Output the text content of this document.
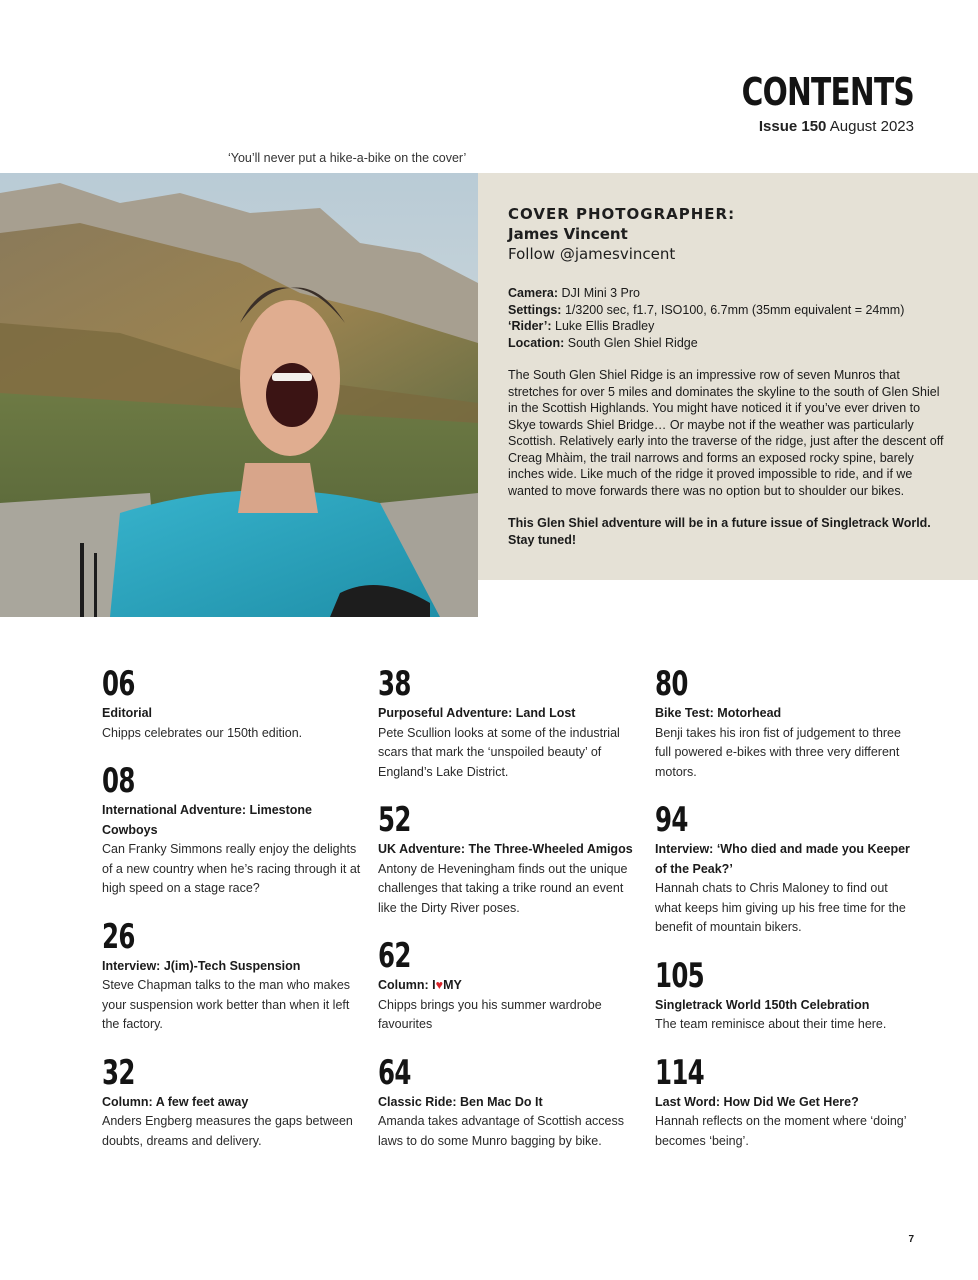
CONTENTS
Issue 150 August 2023
‘You’ll never put a hike-a-bike on the cover’

COVER PHOTOGRAPHER:

James Vincent

Follow @jamesvincent

Camera: DJI Mini 3 Pro
Settings: 1/3200 sec, f1.7, ISO100, 6.7mm (35mm equivalent = 24mm)
‘Rider’: Luke Ellis Bradley
Location: South Glen Shiel Ridge
The South Glen Shiel Ridge is an impressive row of seven Munros that stretches for over 5 miles and dominates the skyline to the south of Glen Shiel in the Scottish Highlands. You might have noticed it if you’ve ever driven to Skye towards Shiel Bridge… Or maybe not if the weather was particularly Scottish. Relatively early into the traverse of the ridge, just after the descent off Creag Mhàim, the trail narrows and forms an exposed rocky spine, barely inches wide. Like much of the ridge it proved impossible to ride, and if we wanted to move forwards there was no option but to shoulder our bikes.
This Glen Shiel adventure will be in a future issue of Singletrack World. Stay tuned!
06
Editorial
Chipps celebrates our 150th edition.
08
International Adventure: Limestone Cowboys
Can Franky Simmons really enjoy the delights of a new country when he’s racing through it at high speed on a stage race?
26
Interview: J(im)-Tech Suspension
Steve Chapman talks to the man who makes your suspension work better than when it left the factory.
32
Column: A few feet away
Anders Engberg measures the gaps between doubts, dreams and delivery.
38
Purposeful Adventure: Land Lost
Pete Scullion looks at some of the industrial scars that mark the ‘unspoiled beauty’ of England’s Lake District.
52
UK Adventure: The Three-Wheeled Amigos
Antony de Heveningham finds out the unique challenges that taking a trike round an event like the Dirty River poses.
62
Column: I♥MY
Chipps brings you his summer wardrobe favourites
64
Classic Ride: Ben Mac Do It
Amanda takes advantage of Scottish access laws to do some Munro bagging by bike.
80
Bike Test: Motorhead
Benji takes his iron fist of judgement to three full powered e-bikes with three very different motors.
94
Interview: ‘Who died and made you Keeper of the Peak?’
Hannah chats to Chris Maloney to find out what keeps him giving up his free time for the benefit of mountain bikers.
105
Singletrack World 150th Celebration
The team reminisce about their time here.
114
Last Word: How Did We Get Here?
Hannah reflects on the moment where ‘doing’ becomes ‘being’.
7
